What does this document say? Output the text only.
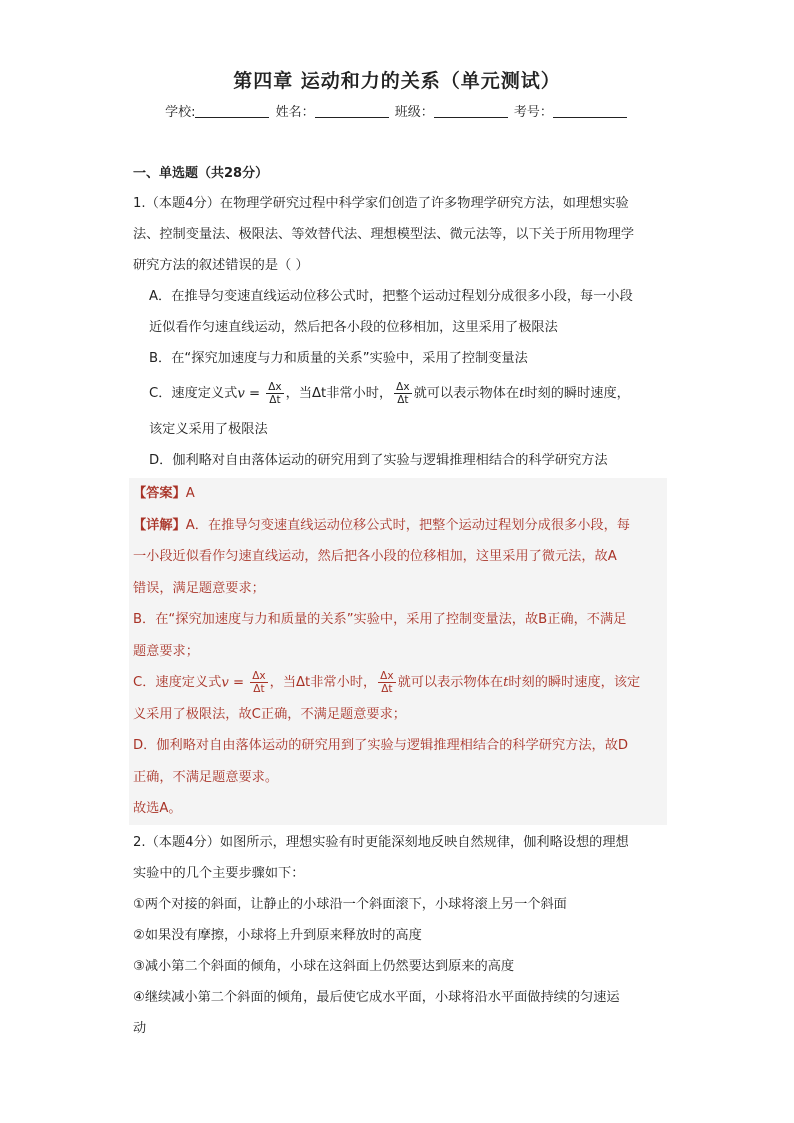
第四章 运动和力的关系（单元测试）
学校:	姓名：	班级：	考号：
一、单选题（共28分）
1.（本题4分）在物理学研究过程中科学家们创造了许多物理学研究方法，如理想实验
法、控制变量法、极限法、等效替代法、理想模型法、微元法等，以下关于所用物理学
研究方法的叙述错误的是（ ）
A．在推导匀变速直线运动位移公式时，把整个运动过程划分成很多小段，每一小段
近似看作匀速直线运动，然后把各小段的位移相加，这里采用了极限法
B．在“探究加速度与力和质量的关系”实验中，采用了控制变量法
C．速度定义式$v = \frac{\Delta x}{\Delta t}$ ，当Δt非常小时， $\frac{\Delta x}{\Delta t}$ 就可以表示物体在t时刻的瞬时速度，
该定义采用了极限法
D．伽利略对自由落体运动的研究用到了实验与逻辑推理相结合的科学研究方法
【答案】A
【详解】A．在推导匀变速直线运动位移公式时，把整个运动过程划分成很多小段，每
一小段近似看作匀速直线运动，然后把各小段的位移相加，这里采用了微元法，故A
错误，满足题意要求；
B．在“探究加速度与力和质量的关系”实验中，采用了控制变量法，故B正确，不满足
题意要求；
C．速度定义式$v = \frac{\Delta x}{\Delta t}$ ，当Δt非常小时， $\frac{\Delta x}{\Delta t}$ 就可以表示物体在t时刻的瞬时速度，该定
义采用了极限法，故C正确，不满足题意要求；
D．伽利略对自由落体运动的研究用到了实验与逻辑推理相结合的科学研究方法，故D
正确，不满足题意要求。
故选A。
2.（本题4分）如图所示，理想实验有时更能深刻地反映自然规律，伽利略设想的理想
实验中的几个主要步骤如下：
①两个对接的斜面，让静止的小球沿一个斜面滚下，小球将滚上另一个斜面
②如果没有摩擦，小球将上升到原来释放时的高度
③减小第二个斜面的倾角，小球在这斜面上仍然要达到原来的高度
④继续减小第二个斜面的倾角，最后使它成水平面，小球将沿水平面做持续的匀速运
动
